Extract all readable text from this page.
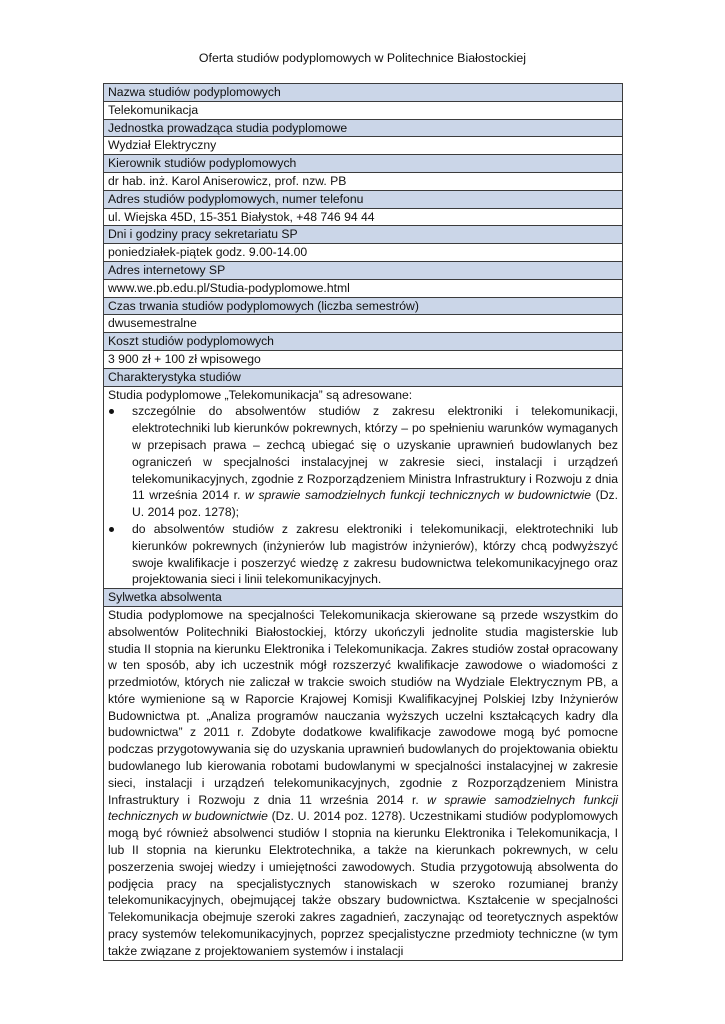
Oferta studiów podyplomowych w Politechnice Białostockiej
Nazwa studiów podyplomowych
Telekomunikacja
Jednostka prowadząca studia podyplomowe
Wydział Elektryczny
Kierownik studiów podyplomowych
dr hab. inż. Karol Aniserowicz, prof. nzw. PB
Adres studiów podyplomowych, numer telefonu
ul. Wiejska 45D, 15-351 Białystok, +48 746 94 44
Dni i godziny pracy sekretariatu SP
poniedziałek-piątek godz. 9.00-14.00
Adres internetowy SP
www.we.pb.edu.pl/Studia-podyplomowe.html
Czas trwania studiów podyplomowych (liczba semestrów)
dwusemestralne
Koszt studiów podyplomowych
3 900 zł + 100 zł wpisowego
Charakterystyka studiów

Studia podyplomowe „Telekomunikacja” są adresowane:

szczególnie do absolwentów studiów z zakresu elektroniki i telekomunikacji, elektrotechniki lub kierunków pokrewnych, którzy – po spełnieniu warunków wymaganych w przepisach prawa – zechcą ubiegać się o uzyskanie uprawnień budowlanych bez ograniczeń w specjalności instalacyjnej w zakresie sieci, instalacji i urządzeń telekomunikacyjnych, zgodnie z Rozporządzeniem Ministra Infrastruktury i Rozwoju z dnia 11 września 2014 r. w sprawie samodzielnych funkcji technicznych w budownictwie (Dz. U. 2014 poz. 1278);
do absolwentów studiów z zakresu elektroniki i telekomunikacji, elektrotechniki lub kierunków pokrewnych (inżynierów lub magistrów inżynierów), którzy chcą podwyższyć swoje kwalifikacje i poszerzyć wiedzę z zakresu budownictwa telekomunikacyjnego oraz projektowania sieci i linii telekomunikacyjnych.

Sylwetka absolwenta

Studia podyplomowe na specjalności Telekomunikacja skierowane są przede wszystkim do absolwentów Politechniki Białostockiej, którzy ukończyli jednolite studia magisterskie lub studia II stopnia na kierunku Elektronika i Telekomunikacja. Zakres studiów został opracowany w ten sposób, aby ich uczestnik mógł rozszerzyć kwalifikacje zawodowe o wiadomości z przedmiotów, których nie zaliczał w trakcie swoich studiów na Wydziale Elektrycznym PB, a które wymienione są w Raporcie Krajowej Komisji Kwalifikacyjnej Polskiej Izby Inżynierów Budownictwa pt. „Analiza programów nauczania wyższych uczelni kształcących kadry dla budownictwa” z 2011 r. Zdobyte dodatkowe kwalifikacje zawodowe mogą być pomocne podczas przygotowywania się do uzyskania uprawnień budowlanych do projektowania obiektu budowlanego lub kierowania robotami budowlanymi w specjalności instalacyjnej w zakresie sieci, instalacji i urządzeń telekomunikacyjnych, zgodnie z Rozporządzeniem Ministra Infrastruktury i Rozwoju z dnia 11 września 2014 r. w sprawie samodzielnych funkcji technicznych w budownictwie (Dz. U. 2014 poz. 1278). Uczestnikami studiów podyplomowych mogą być również absolwenci studiów I stopnia na kierunku Elektronika i Telekomunikacja, I lub II stopnia na kierunku Elektrotechnika, a także na kierunkach pokrewnych, w celu poszerzenia swojej wiedzy i umiejętności zawodowych. Studia przygotowują absolwenta do podjęcia pracy na specjalistycznych stanowiskach w szeroko rozumianej branży telekomunikacyjnych, obejmującej także obszary budownictwa. Kształcenie w specjalności Telekomunikacja obejmuje szeroki zakres zagadnień, zaczynając od teoretycznych aspektów pracy systemów telekomunikacyjnych, poprzez specjalistyczne przedmioty techniczne (w tym także związane z projektowaniem systemów i instalacji
